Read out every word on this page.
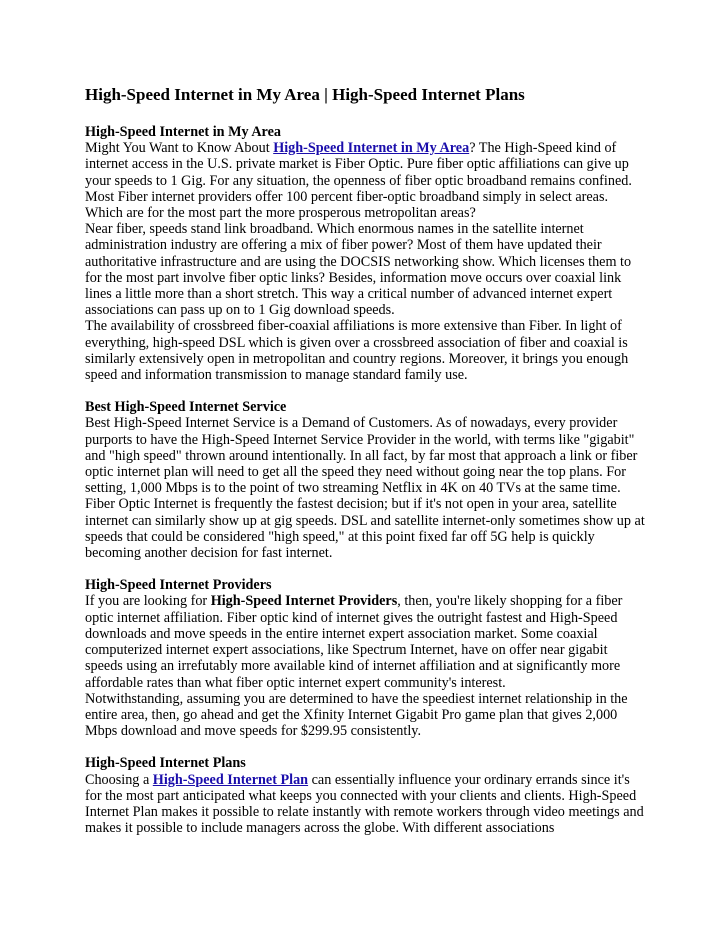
High-Speed Internet in My Area | High-Speed Internet Plans
High-Speed Internet in My Area

Might You Want to Know About High-Speed Internet in My Area? The High-Speed kind of internet access in the U.S. private market is Fiber Optic. Pure fiber optic affiliations can give up your speeds to 1 Gig. For any situation, the openness of fiber optic broadband remains confined. Most Fiber internet providers offer 100 percent fiber-optic broadband simply in select areas. Which are for the most part the more prosperous metropolitan areas?

Near fiber, speeds stand link broadband. Which enormous names in the satellite internet administration industry are offering a mix of fiber power? Most of them have updated their authoritative infrastructure and are using the DOCSIS networking show. Which licenses them to for the most part involve fiber optic links? Besides, information move occurs over coaxial link lines a little more than a short stretch. This way a critical number of advanced internet expert associations can pass up on to 1 Gig download speeds.

The availability of crossbreed fiber-coaxial affiliations is more extensive than Fiber. In light of everything, high-speed DSL which is given over a crossbreed association of fiber and coaxial is similarly extensively open in metropolitan and country regions. Moreover, it brings you enough speed and information transmission to manage standard family use.

Best High-Speed Internet Service

Best High-Speed Internet Service is a Demand of Customers. As of nowadays, every provider purports to have the High-Speed Internet Service Provider in the world, with terms like "gigabit" and "high speed" thrown around intentionally. In all fact, by far most that approach a link or fiber optic internet plan will need to get all the speed they need without going near the top plans. For setting, 1,000 Mbps is to the point of two streaming Netflix in 4K on 40 TVs at the same time. Fiber Optic Internet is frequently the fastest decision; but if it's not open in your area, satellite internet can similarly show up at gig speeds. DSL and satellite internet-only sometimes show up at speeds that could be considered "high speed," at this point fixed far off 5G help is quickly becoming another decision for fast internet.

High-Speed Internet Providers

If you are looking for High-Speed Internet Providers, then, you're likely shopping for a fiber optic internet affiliation. Fiber optic kind of internet gives the outright fastest and High-Speed downloads and move speeds in the entire internet expert association market. Some coaxial computerized internet expert associations, like Spectrum Internet, have on offer near gigabit speeds using an irrefutably more available kind of internet affiliation and at significantly more affordable rates than what fiber optic internet expert community's interest.

Notwithstanding, assuming you are determined to have the speediest internet relationship in the entire area, then, go ahead and get the Xfinity Internet Gigabit Pro game plan that gives 2,000 Mbps download and move speeds for $299.95 consistently.

High-Speed Internet Plans

Choosing a High-Speed Internet Plan can essentially influence your ordinary errands since it's for the most part anticipated what keeps you connected with your clients and clients. High-Speed Internet Plan makes it possible to relate instantly with remote workers through video meetings and makes it possible to include managers across the globe. With different associations
